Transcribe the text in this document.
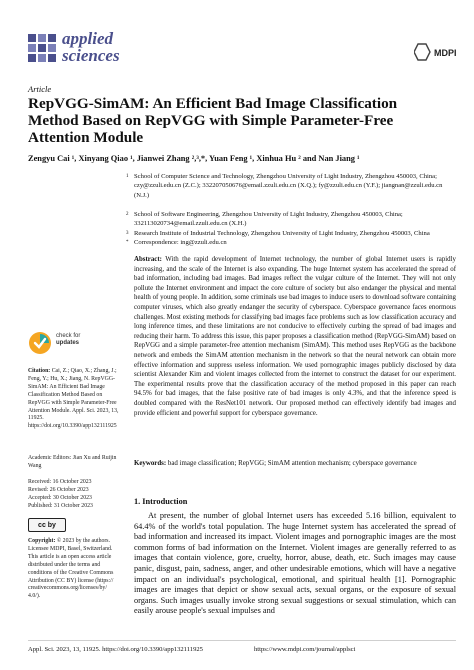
applied
sciences	MDPI
Article
RepVGG-SimAM: An Efficient Bad Image Classification Method Based on RepVGG with Simple Parameter-Free Attention Module
Zengyu Cai ¹, Xinyang Qiao ¹, Jianwei Zhang ²,³,*, Yuan Feng ¹, Xinhua Hu ² and Nan Jiang ¹
1 School of Computer Science and Technology, Zhengzhou University of Light Industry, Zhengzhou 450003, China; czy@zzuli.edu.cn (Z.C.); 332207050676@email.zzuli.edu.cn (X.Q.); fy@zzuli.edu.cn (Y.F.); jiangnan@zzuli.edu.cn (N.J.)
2 School of Software Engineering, Zhengzhou University of Light Industry, Zhengzhou 450003, China; 332113020734@email.zzuli.edu.cn (X.H.)
3 Research Institute of Industrial Technology, Zhengzhou University of Light Industry, Zhengzhou 450003, China
* Correspondence: ing@zzuli.edu.cn
Abstract: With the rapid development of Internet technology, the number of global Internet users is rapidly increasing, and the scale of the Internet is also expanding. The huge Internet system has accelerated the spread of bad information, including bad images. Bad images reflect the vulgar culture of the Internet. They will not only pollute the Internet environment and impact the core culture of society but also endanger the physical and mental health of young people. In addition, some criminals use bad images to induce users to download software containing computer viruses, which also greatly endanger the security of cyberspace. Cyberspace governance faces enormous challenges. Most existing methods for classifying bad images face problems such as low classification accuracy and long inference times, and these limitations are not conducive to effectively curbing the spread of bad images and reducing their harm. To address this issue, this paper proposes a classification method (RepVGG-SimAM) based on RepVGG and a simple parameter-free attention mechanism (SimAM). This method uses RepVGG as the backbone network and embeds the SimAM attention mechanism in the network so that the neural network can obtain more effective information and suppress useless information. We used pornographic images publicly disclosed by data scientist Alexander Kim and violent images collected from the internet to construct the dataset for our experiment. The experimental results prove that the classification accuracy of the method proposed in this paper can reach 94.5% for bad images, that the false positive rate of bad images is only 4.3%, and that the inference speed is doubled compared with the ResNet101 network. Our proposed method can effectively identify bad images and provide efficient and powerful support for cyberspace governance.
Keywords: bad image classification; RepVGG; SimAM attention mechanism; cyberspace governance
check for
updates
Citation: Cai, Z.; Qiao, X.; Zhang, J.; Feng, Y.; Hu, X.; Jiang, N. RepVGG-SimAM: An Efficient Bad Image Classification Method Based on RepVGG with Simple Parameter-Free Attention Module. Appl. Sci. 2023, 13, 11925. https://doi.org/10.3390/app132111925
Academic Editors: Jian Xu and Ruijin Wang
Received: 16 October 2023
Revised: 26 October 2023
Accepted: 30 October 2023
Published: 31 October 2023
cc by
Copyright: © 2023 by the authors. Licensee MDPI, Basel, Switzerland. This article is an open access article distributed under the terms and conditions of the Creative Commons Attribution (CC BY) license (https:// creativecommons.org/licenses/by/ 4.0/).
1. Introduction
At present, the number of global Internet users has exceeded 5.16 billion, equivalent to 64.4% of the world's total population. The huge Internet system has accelerated the spread of bad information and increased its impact. Violent images and pornographic images are the most common forms of bad information on the Internet. Violent images are generally referred to as images that contain violence, gore, cruelty, horror, abuse, death, etc. Such images may cause panic, disgust, pain, sadness, anger, and other undesirable emotions, which will have a negative impact on an individual's psychological, emotional, and spiritual health [1]. Pornographic images are images that depict or show sexual acts, sexual organs, or the exposure of sexual organs. Such images usually invoke strong sexual suggestions or sexual stimulation, which can easily arouse people's sexual impulses and
Appl. Sci. 2023, 13, 11925. https://doi.org/10.3390/app132111925	https://www.mdpi.com/journal/applsci
